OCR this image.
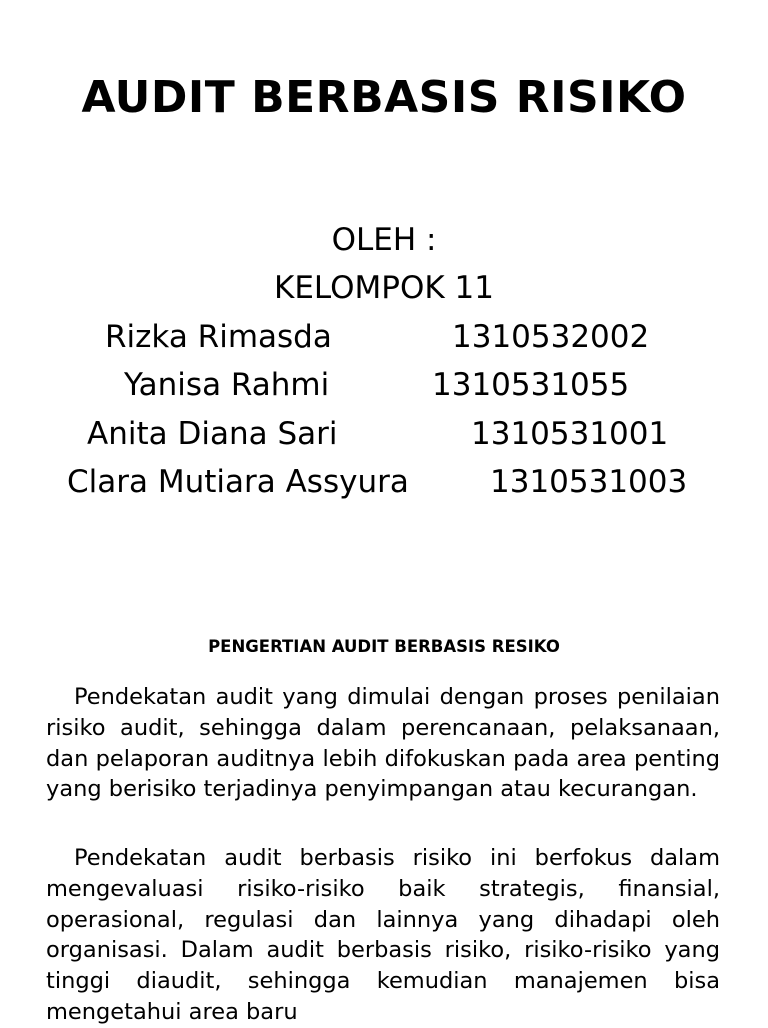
AUDIT BERBASIS RISIKO
OLEH :
KELOMPOK 11
Rizka Rimasda	1310532002
Yanisa Rahmi	1310531055
Anita Diana Sari	1310531001
Clara Mutiara Assyura	1310531003
PENGERTIAN AUDIT BERBASIS RESIKO

Pendekatan audit yang dimulai dengan proses penilaian risiko audit, sehingga dalam perencanaan, pelaksanaan, dan pelaporan auditnya lebih difokuskan pada area penting yang berisiko terjadinya penyimpangan atau kecurangan.

Pendekatan audit berbasis risiko ini berfokus dalam mengevaluasi risiko-risiko baik strategis, finansial, operasional, regulasi dan lainnya yang dihadapi oleh organisasi. Dalam audit berbasis risiko, risiko-risiko yang tinggi diaudit, sehingga kemudian manajemen bisa mengetahui area baru
